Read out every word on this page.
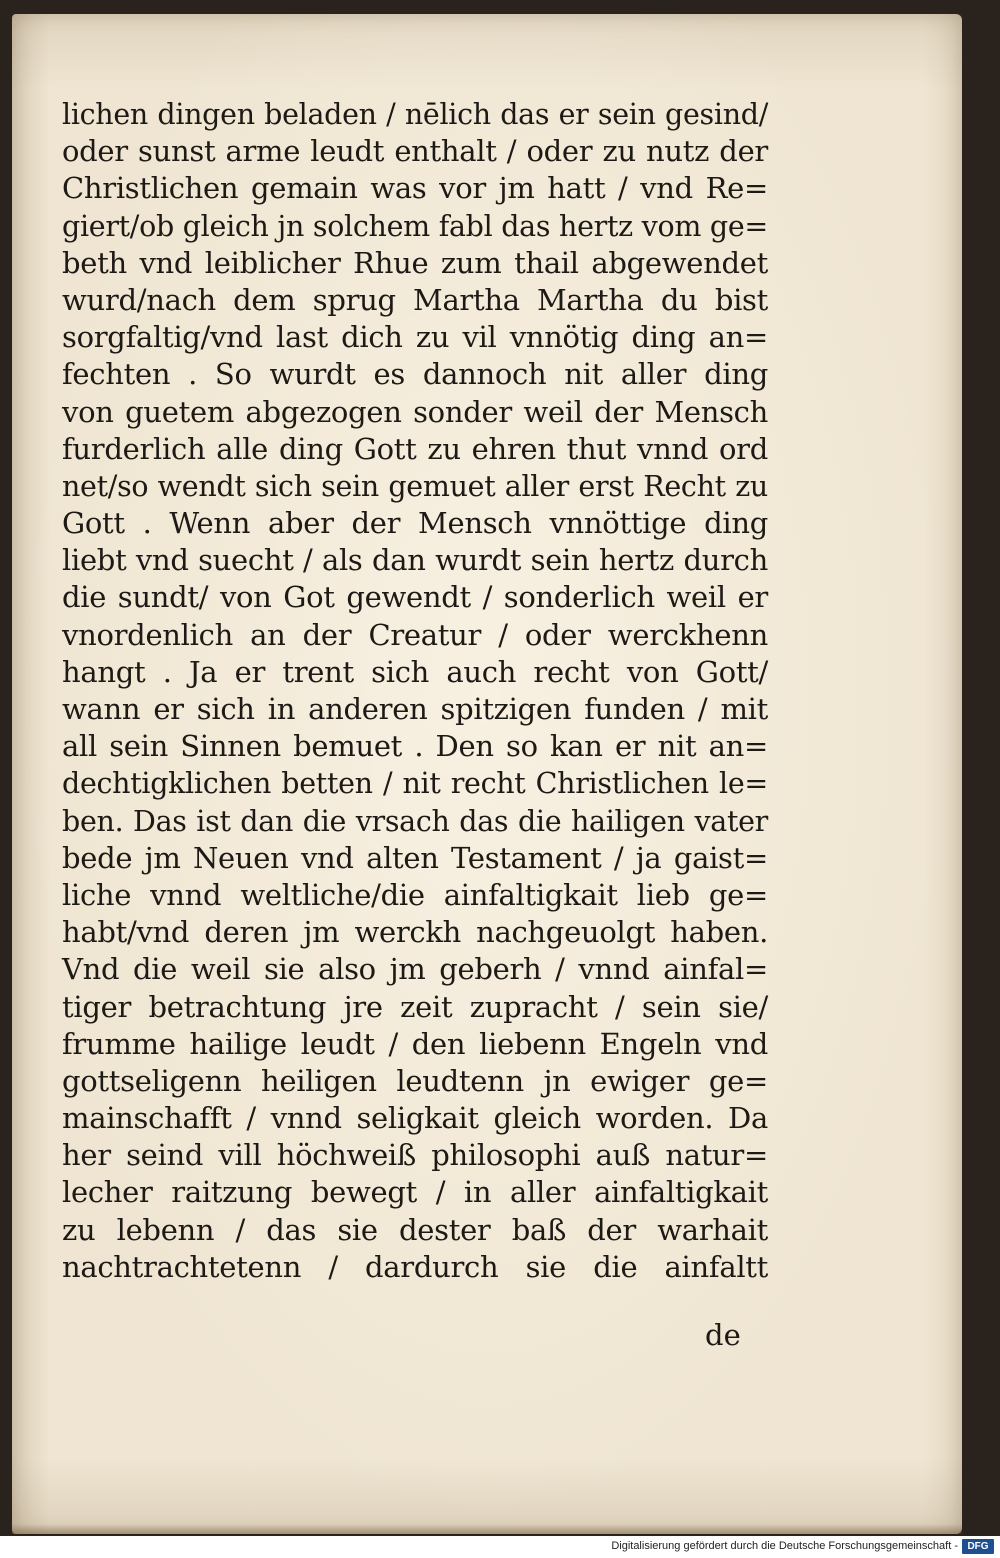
lichen dingen beladen / nēlich das er sein gesind/
oder sunst arme leudt enthalt / oder zu nutz der
Christlichen gemain was vor jm hatt / vnd Re=
giert/ob gleich jn solchem fabl das hertz vom ge=
beth vnd leiblicher Rhue zum thail abgewendet
wurd/nach dem sprug Martha Martha du bist
sorgfaltig/vnd last dich zu vil vnnötig ding an=
fechten . So wurdt es dannoch nit aller ding
von guetem abgezogen sonder weil der Mensch
furderlich alle ding Gott zu ehren thut vnnd ord
net/so wendt sich sein gemuet aller erst Recht zu
Gott . Wenn aber der Mensch vnnöttige ding
liebt vnd suecht / als dan wurdt sein hertz durch
die sundt/ von Got gewendt / sonderlich weil er
vnordenlich an der Creatur / oder werckhenn
hangt . Ja er trent sich auch recht von Gott/
wann er sich in anderen spitzigen funden / mit
all sein Sinnen bemuet . Den so kan er nit an=
dechtigklichen betten / nit recht Christlichen le=
ben. Das ist dan die vrsach das die hailigen vater
bede jm Neuen vnd alten Testament / ja gaist=
liche vnnd weltliche/die ainfaltigkait lieb ge=
habt/vnd deren jm werckh nachgeuolgt haben.
Vnd die weil sie also jm geberh / vnnd ainfal=
tiger betrachtung jre zeit zupracht / sein sie/
frumme hailige leudt / den liebenn Engeln vnd
gottseligenn heiligen leudtenn jn ewiger ge=
mainschafft / vnnd seligkait gleich worden. Da
her seind vill höchweiß philosophi auß natur=
lecher raitzung bewegt / in aller ainfaltigkait
zu lebenn / das sie dester baß der warhait
nachtrachtetenn / dardurch sie die ainfaltt
de
Digitalisierung gefördert durch die Deutsche Forschungsgemeinschaft - DFG
